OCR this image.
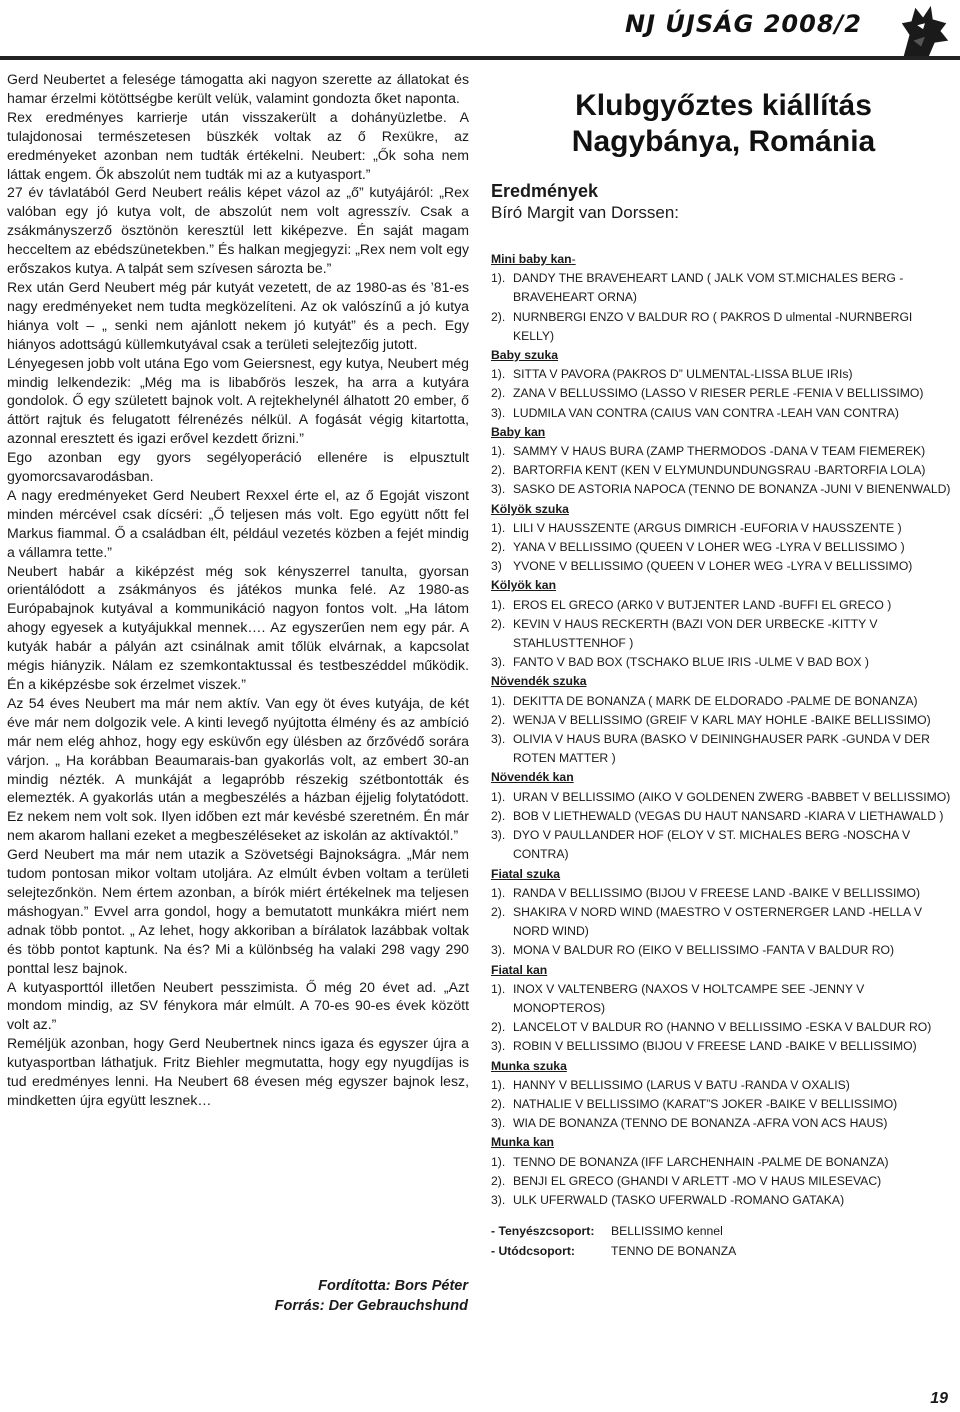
NJ ÚJSÁG 2008/2

Gerd Neubertet a felesége támogatta aki nagyon szerette az állatokat és hamar érzelmi kötöttségbe került velük, valamint gondozta őket naponta.

Rex eredményes karrierje után visszakerült a dohányüzletbe. A tulajdonosai természetesen büszkék voltak az ő Rexükre, az eredményeket azonban nem tudták értékelni. Neubert: „Ők soha nem láttak engem. Ők abszolút nem tudták mi az a kutyasport.”

27 év távlatából Gerd Neubert reális képet vázol az „ő” kutyájáról: „Rex valóban egy jó kutya volt, de abszolút nem volt agresszív. Csak a zsákmányszerző ösztönön keresztül lett kiképezve. Én saját magam hecceltem az ebédszünetekben.” És halkan megjegyzi: „Rex nem volt egy erőszakos kutya. A talpát sem szívesen sározta be.”

Rex után Gerd Neubert még pár kutyát vezetett, de az 1980-as és ’81-es nagy eredményeket nem tudta megközelíteni. Az ok valószínű a jó kutya hiánya volt – „ senki nem ajánlott nekem jó kutyát” és a pech. Egy hiányos adottságú küllemkutyával csak a területi selejtezőig jutott.

Lényegesen jobb volt utána Ego vom Geiersnest, egy kutya, Neubert még mindig lelkendezik: „Még ma is libabőrös leszek, ha arra a kutyára gondolok. Ő egy született bajnok volt. A rejtekhelynél álhatott 20 ember, ő áttört rajtuk és felugatott félrenézés nélkül. A fogását végig kitartotta, azonnal eresztett és igazi erővel kezdett őrizni.”

Ego azonban egy gyors segélyoperáció ellenére is elpusztult gyomorcsavarodásban.

A nagy eredményeket Gerd Neubert Rexxel érte el, az ő Egoját viszont minden mércével csak dícséri: „Ő teljesen más volt. Ego együtt nőtt fel Markus fiammal. Ő a családban élt, például vezetés közben a fejét mindig a vállamra tette.”

Neubert habár a kiképzést még sok kényszerrel tanulta, gyorsan orientálódott a zsákmányos és játékos munka felé. Az 1980-as Európabajnok kutyával a kommunikáció nagyon fontos volt. „Ha látom ahogy egyesek a kutyájukkal mennek…. Az egyszerűen nem egy pár. A kutyák habár a pályán azt csinálnak amit tőlük elvárnak, a kapcsolat mégis hiányzik. Nálam ez szemkontaktussal és testbeszéddel működik. Én a kiképzésbe sok érzelmet viszek.”

Az 54 éves Neubert ma már nem aktív. Van egy öt éves kutyája, de két éve már nem dolgozik vele. A kinti levegő nyújtotta élmény és az ambíció már nem elég ahhoz, hogy egy esküvőn egy ülésben az őrzővédő sorára várjon. „ Ha korábban Beaumarais-ban gyakorlás volt, az embert 30-an mindig nézték. A munkáját a legapróbb részekig szétbontották és elemezték. A gyakorlás után a megbeszélés a házban éjjelig folytatódott. Ez nekem nem volt sok. Ilyen időben ezt már kevésbé szeretném. Én már nem akarom hallani ezeket a megbeszéléseket az iskolán az aktívaktól.”

Gerd Neubert ma már nem utazik a Szövetségi Bajnokságra. „Már nem tudom pontosan mikor voltam utoljára. Az elmúlt évben voltam a területi selejtezőnkön. Nem értem azonban, a bírók miért értékelnek ma teljesen máshogyan.” Evvel arra gondol, hogy a bemutatott munkákra miért nem adnak több pontot. „ Az lehet, hogy akkoriban a bírálatok lazábbak voltak és több pontot kaptunk. Na és? Mi a különbség ha valaki 298 vagy 290 ponttal lesz bajnok.

A kutyasporttól illetően Neubert pesszimista. Ő még 20 évet ad. „Azt mondom mindig, az SV fénykora már elmúlt. A 70-es 90-es évek között volt az.”

Reméljük azonban, hogy Gerd Neubertnek nincs igaza és egyszer újra a kutyasportban láthatjuk. Fritz Biehler megmutatta, hogy egy nyugdíjas is tud eredményes lenni. Ha Neubert 68 évesen még egyszer bajnok lesz, mindketten újra együtt lesznek…

Fordította: Bors Péter
Forrás: Der Gebrauchshund
Klubgyőztes kiállítás Nagybánya, Románia
Eredmények
Bíró Margit van Dorssen:
Mini baby kan-
1). DANDY THE BRAVEHEART LAND ( JALK VOM ST.MICHALES BERG - BRAVEHEART ORNA)
2). NURNBERGI ENZO V BALDUR RO ( PAKROS D ulmental -NURNBERGI KELLY)
Baby szuka
1). SITTA V PAVORA (PAKROS D” ULMENTAL-LISSA BLUE IRIs)
2). ZANA V BELLUSSIMO (LASSO V RIESER PERLE -FENIA V BELLISSIMO)
3). LUDMILA VAN CONTRA (CAIUS VAN CONTRA -LEAH VAN CONTRA)
Baby kan
1). SAMMY V HAUS BURA (ZAMP THERMODOS -DANA V TEAM FIEMEREK)
2). BARTORFIA KENT (KEN V ELYMUNDUNDUNGSRAU -BARTORFIA LOLA)
3). SASKO DE ASTORIA NAPOCA (TENNO DE BONANZA -JUNI V BIENENWALD)
Kölyök szuka
1). LILI V HAUSSZENTE (ARGUS DIMRICH -EUFORIA V HAUSSZENTE )
2). YANA V BELLISSIMO (QUEEN V LOHER WEG -LYRA V BELLISSIMO )
3) YVONE V BELLISSIMO (QUEEN V LOHER WEG -LYRA V BELLISSIMO)
Kölyök kan
1). EROS EL GRECO (ARK0 V BUTJENTER LAND -BUFFI EL GRECO )
2). KEVIN V HAUS RECKERTH (BAZI VON DER URBECKE -KITTY V STAHLUSTTENHOF )
3). FANTO V BAD BOX (TSCHAKO BLUE IRIS -ULME V BAD BOX )
Növendék szuka
1). DEKITTA DE BONANZA ( MARK DE ELDORADO -PALME DE BONANZA)
2). WENJA V BELLISSIMO (GREIF V KARL MAY HOHLE -BAIKE BELLISSIMO)
3). OLIVIA V HAUS BURA (BASKO V DEININGHAUSER PARK -GUNDA V DER ROTEN MATTER )
Növendék kan
1). URAN V BELLISSIMO (AIKO V GOLDENEN ZWERG -BABBET V BELLISSIMO)
2). BOB V LIETHEWALD (VEGAS DU HAUT NANSARD -KIARA V LIETHAWALD )
3). DYO V PAULLANDER HOF (ELOY V ST. MICHALES BERG -NOSCHA V CONTRA)
Fiatal szuka
1). RANDA V BELLISSIMO (BIJOU V FREESE LAND -BAIKE V BELLISSIMO)
2). SHAKIRA V NORD WIND (MAESTRO V OSTERNERGER LAND -HELLA V NORD WIND)
3). MONA V BALDUR RO (EIKO V BELLISSIMO -FANTA V BALDUR RO)
Fiatal kan
1). INOX V VALTENBERG (NAXOS V HOLTCAMPE SEE -JENNY V MONOPTEROS)
2). LANCELOT V BALDUR RO (HANNO V BELLISSIMO -ESKA V BALDUR RO)
3). ROBIN V BELLISSIMO (BIJOU V FREESE LAND -BAIKE V BELLISSIMO)
Munka szuka
1). HANNY V BELLISSIMO (LARUS V BATU -RANDA V OXALIS)
2). NATHALIE V BELLISSIMO (KARAT”S JOKER -BAIKE V BELLISSIMO)
3). WIA DE BONANZA (TENNO DE BONANZA -AFRA VON ACS HAUS)
Munka kan
1). TENNO DE BONANZA (IFF LARCHENHAIN -PALME DE BONANZA)
2). BENJI EL GRECO (GHANDI V ARLETT -MO V HAUS MILESEVAC)
3). ULK UFERWALD (TASKO UFERWALD -ROMANO GATAKA)
- Tenyészcsoport: BELLISSIMO kennel
- Utódcsoport:	TENNO DE BONANZA
19
